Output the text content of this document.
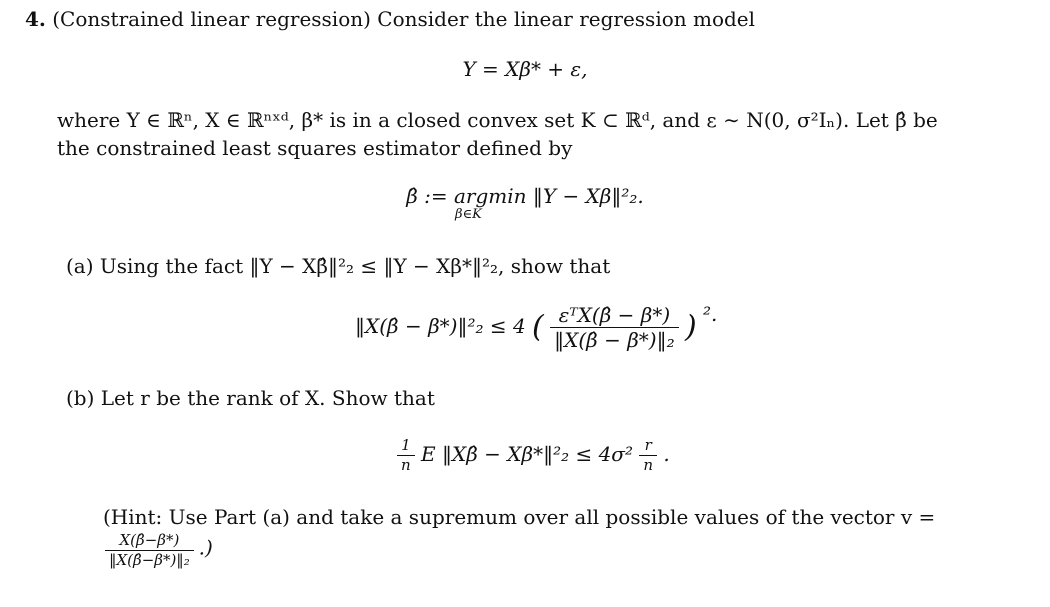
4. (Constrained linear regression) Consider the linear regression model
Y = Xβ* + ε,
where Y ∈ ℝⁿ, X ∈ ℝⁿˣᵈ, β* is in a closed convex set K ⊂ ℝᵈ, and ε ∼ N(0, σ²Iₙ). Let β̂ be
the constrained least squares estimator defined by
β̂ := argmin ‖Y − Xβ‖²₂.
β∈K
(a) Using the fact ‖Y − Xβ̂‖²₂ ≤ ‖Y − Xβ*‖²₂, show that
‖X(β̂ − β*)‖²₂ ≤ 4 ( $\frac{\text{εᵀX(β̂ − β*)}}{\text{‖X(β̂ − β*)‖₂}}$ ) ².
(b) Let r be the rank of X. Show that
$\frac{1}{n}$ E ‖Xβ̂ − Xβ*‖²₂ ≤ $4\sigma^2 \frac{r}{n}$ .
(Hint: Use Part (a) and take a supremum over all possible values of the vector v =
$\frac{X(\betâ-\beta*)}{\text{‖X(β̂−β*)‖₂}}$ .)
